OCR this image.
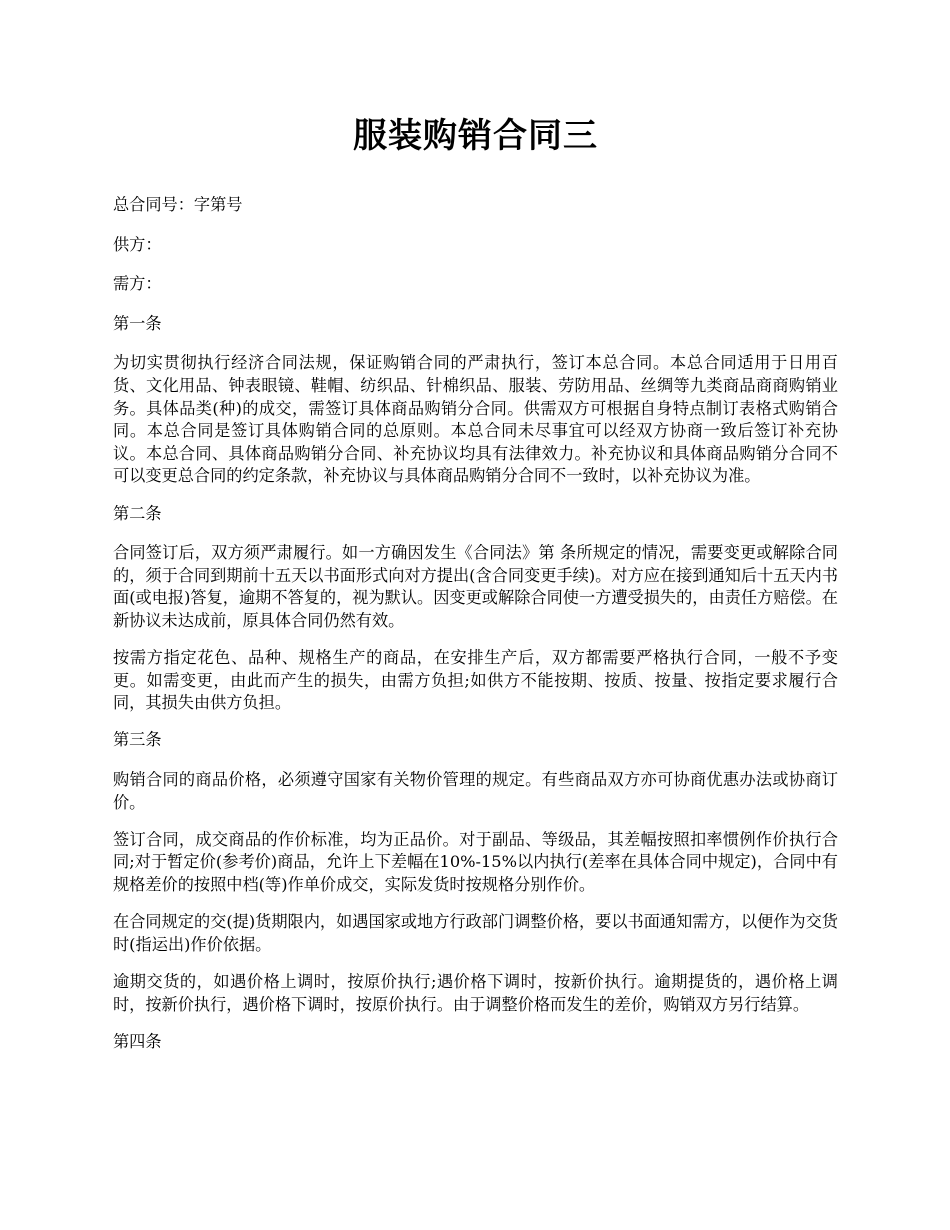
服装购销合同三

总合同号：字第号

供方：

需方：

第一条

为切实贯彻执行经济合同法规，保证购销合同的严肃执行，签订本总合同。本总合同适用于日用百货、文化用品、钟表眼镜、鞋帽、纺织品、针棉织品、服装、劳防用品、丝绸等九类商品商商购销业务。具体品类(种)的成交，需签订具体商品购销分合同。供需双方可根据自身特点制订表格式购销合同。本总合同是签订具体购销合同的总原则。本总合同未尽事宜可以经双方协商一致后签订补充协议。本总合同、具体商品购销分合同、补充协议均具有法律效力。补充协议和具体商品购销分合同不可以变更总合同的约定条款，补充协议与具体商品购销分合同不一致时，以补充协议为准。

第二条

合同签订后，双方须严肃履行。如一方确因发生《合同法》第 条所规定的情况，需要变更或解除合同的，须于合同到期前十五天以书面形式向对方提出(含合同变更手续)。对方应在接到通知后十五天内书面(或电报)答复，逾期不答复的，视为默认。因变更或解除合同使一方遭受损失的，由责任方赔偿。在新协议未达成前，原具体合同仍然有效。

按需方指定花色、品种、规格生产的商品，在安排生产后，双方都需要严格执行合同，一般不予变更。如需变更，由此而产生的损失，由需方负担;如供方不能按期、按质、按量、按指定要求履行合同，其损失由供方负担。

第三条

购销合同的商品价格，必须遵守国家有关物价管理的规定。有些商品双方亦可协商优惠办法或协商订价。

签订合同，成交商品的作价标准，均为正品价。对于副品、等级品，其差幅按照扣率惯例作价执行合同;对于暂定价(参考价)商品，允许上下差幅在10%-15%以内执行(差率在具体合同中规定)，合同中有规格差价的按照中档(等)作单价成交，实际发货时按规格分别作价。

在合同规定的交(提)货期限内，如遇国家或地方行政部门调整价格，要以书面通知需方，以便作为交货时(指运出)作价依据。

逾期交货的，如遇价格上调时，按原价执行;遇价格下调时，按新价执行。逾期提货的，遇价格上调时，按新价执行，遇价格下调时，按原价执行。由于调整价格而发生的差价，购销双方另行结算。

第四条
